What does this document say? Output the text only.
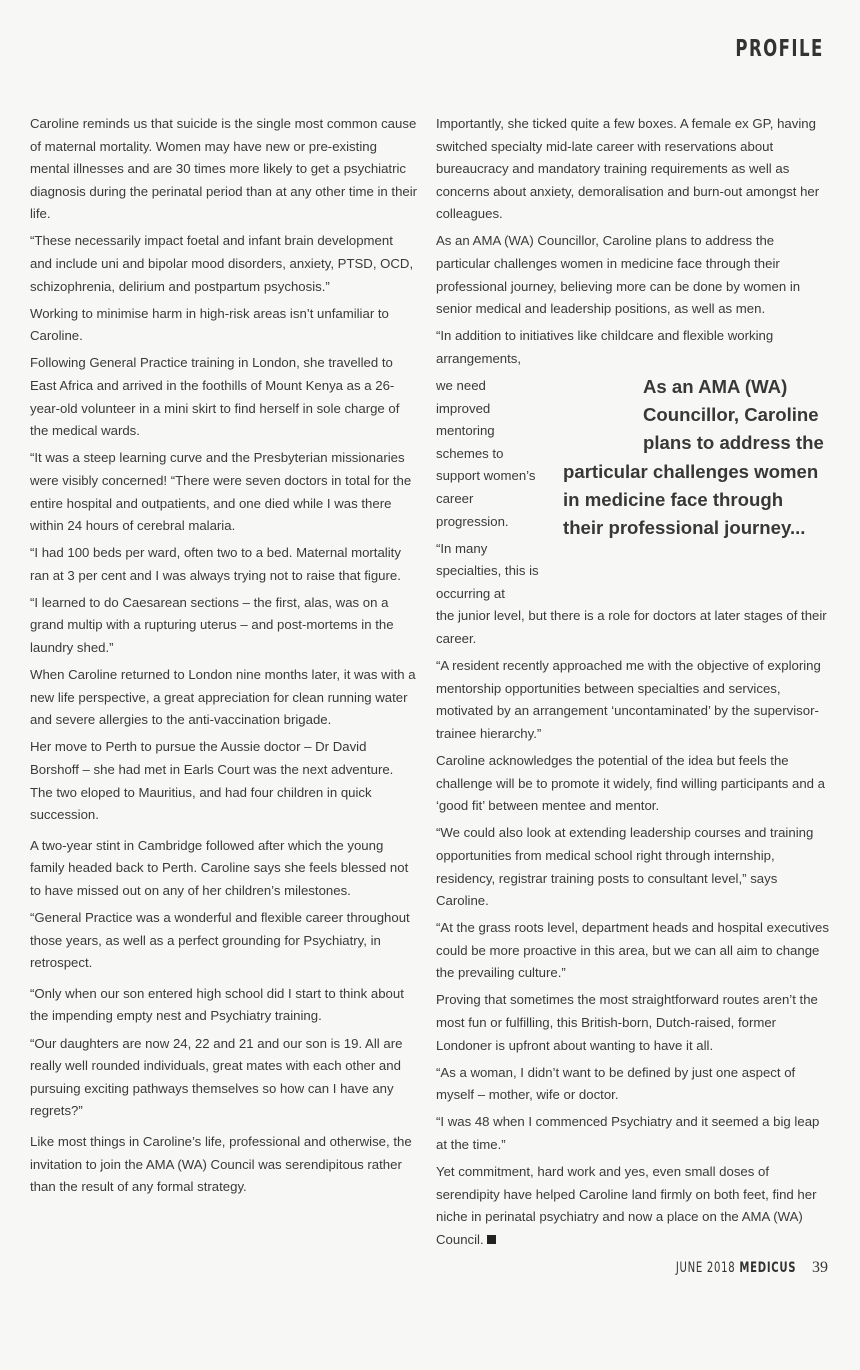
PROFILE

Caroline reminds us that suicide is the single most common cause of maternal mortality. Women may have new or pre-existing mental illnesses and are 30 times more likely to get a psychiatric diagnosis during the perinatal period than at any other time in their life.

“These necessarily impact foetal and infant brain development and include uni and bipolar mood disorders, anxiety, PTSD, OCD, schizophrenia, delirium and postpartum psychosis.”

Working to minimise harm in high-risk areas isn’t unfamiliar to Caroline.

Following General Practice training in London, she travelled to East Africa and arrived in the foothills of Mount Kenya as a 26-year-old volunteer in a mini skirt to find herself in sole charge of the medical wards.

“It was a steep learning curve and the Presbyterian missionaries were visibly concerned! “There were seven doctors in total for the entire hospital and outpatients, and one died while I was there within 24 hours of cerebral malaria.

“I had 100 beds per ward, often two to a bed. Maternal mortality ran at 3 per cent and I was always trying not to raise that figure.

“I learned to do Caesarean sections – the first, alas, was on a grand multip with a rupturing uterus – and post-mortems in the laundry shed.”

When Caroline returned to London nine months later, it was with a new life perspective, a great appreciation for clean running water and severe allergies to the anti-vaccination brigade.

Her move to Perth to pursue the Aussie doctor – Dr David Borshoff – she had met in Earls Court was the next adventure. The two eloped to Mauritius, and had four children in quick succession.

A two-year stint in Cambridge followed after which the young family headed back to Perth. Caroline says she feels blessed not to have missed out on any of her children’s milestones.

“General Practice was a wonderful and flexible career throughout those years, as well as a perfect grounding for Psychiatry, in retrospect.

“Only when our son entered high school did I start to think about the impending empty nest and Psychiatry training.

“Our daughters are now 24, 22 and 21 and our son is 19. All are really well rounded individuals, great mates with each other and pursuing exciting pathways themselves so how can I have any regrets?”

Like most things in Caroline’s life, professional and otherwise, the invitation to join the AMA (WA) Council was serendipitous rather than the result of any formal strategy.

Importantly, she ticked quite a few boxes. A female ex GP, having switched specialty mid-late career with reservations about bureaucracy and mandatory training requirements as well as concerns about anxiety, demoralisation and burn-out amongst her colleagues.

As an AMA (WA) Councillor, Caroline plans to address the particular challenges women in medicine face through their professional journey, believing more can be done by women in senior medical and leadership positions, as well as men.

“In addition to initiatives like childcare and flexible working arrangements,

we need improved mentoring schemes to support women’s career progression.

“In many specialties, this is occurring at

the junior level, but there is a role for doctors at later stages of their career.

“A resident recently approached me with the objective of exploring mentorship opportunities between specialties and services, motivated by an arrangement ‘uncontaminated’ by the supervisor-trainee hierarchy.”

Caroline acknowledges the potential of the idea but feels the challenge will be to promote it widely, find willing participants and a ‘good fit’ between mentee and mentor.

“We could also look at extending leadership courses and training opportunities from medical school right through internship, residency, registrar training posts to consultant level,” says Caroline.

“At the grass roots level, department heads and hospital executives could be more proactive in this area, but we can all aim to change the prevailing culture.”

Proving that sometimes the most straightforward routes aren’t the most fun or fulfilling, this British-born, Dutch-raised, former Londoner is upfront about wanting to have it all.

“As a woman, I didn’t want to be defined by just one aspect of myself – mother, wife or doctor.

“I was 48 when I commenced Psychiatry and it seemed a big leap at the time.”

Yet commitment, hard work and yes, even small doses of serendipity have helped Caroline land firmly on both feet, find her niche in perinatal psychiatry and now a place on the AMA (WA) Council.

As an AMA (WA)
Councillor, Caroline
plans to address the
particular challenges women
in medicine face through
their professional journey...
JUNE 2018 MEDICUS 39
